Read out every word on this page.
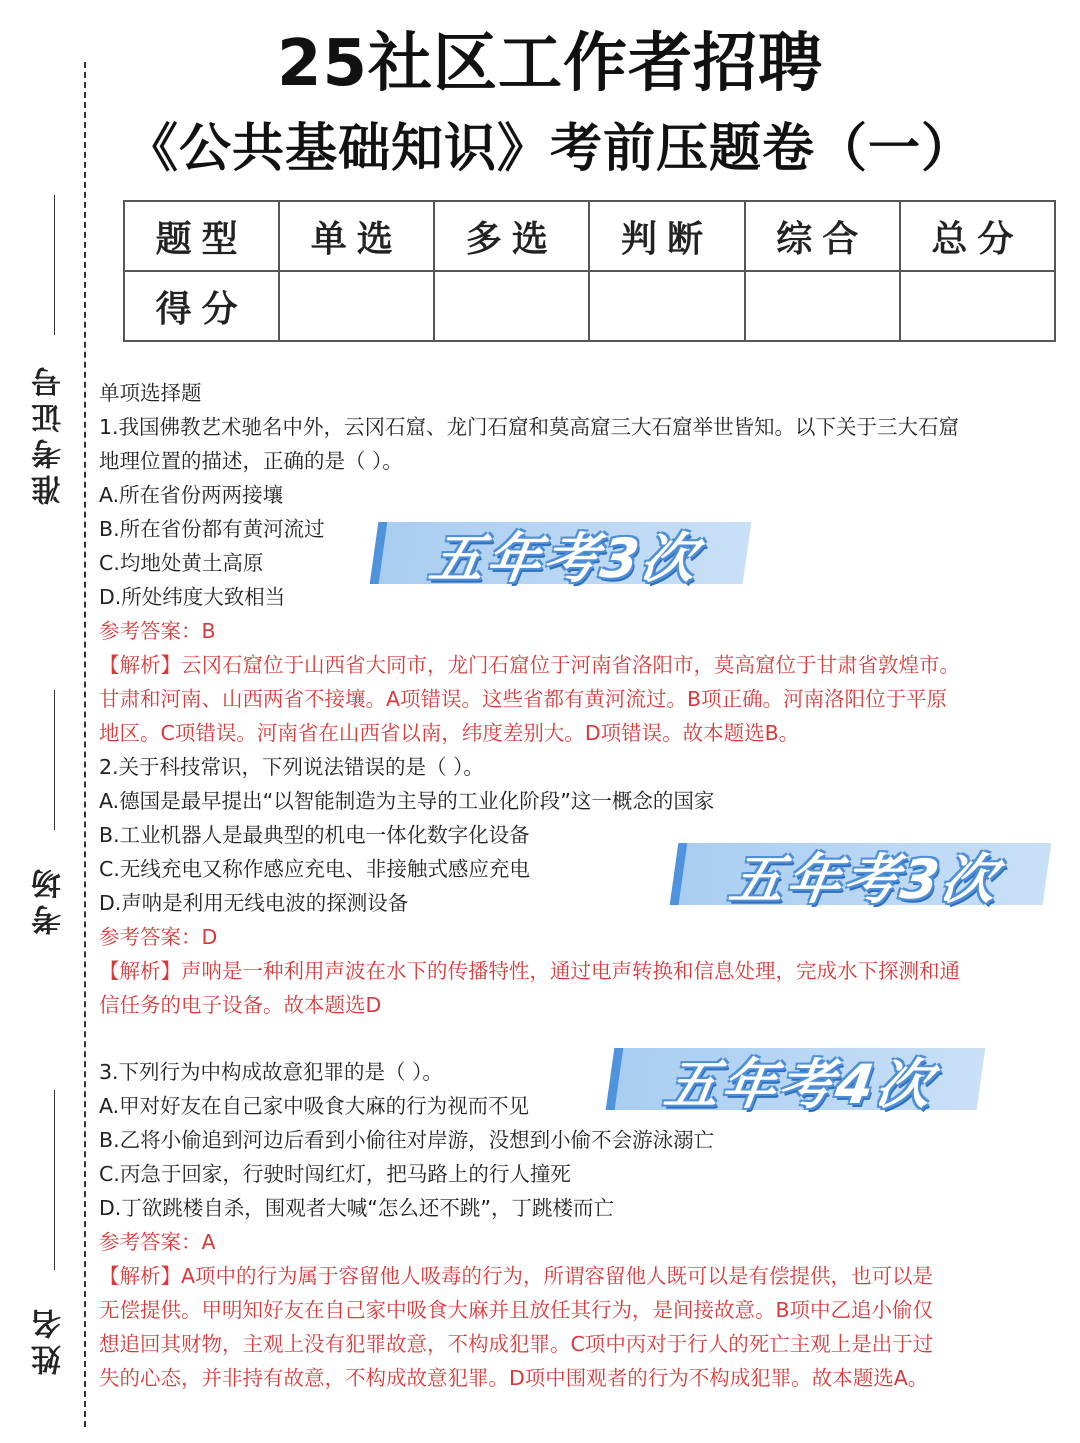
准考证号
考场
姓名
25社区工作者招聘
《公共基础知识》考前压题卷（一）
题型	单选	多选	判断	综合	总分
得分					

单项选择题

1.我国佛教艺术驰名中外，云冈石窟、龙门石窟和莫高窟三大石窟举世皆知。以下关于三大石窟

地理位置的描述，正确的是（ ）。

A.所在省份两两接壤

B.所在省份都有黄河流过

C.均地处黄土高原

D.所处纬度大致相当

参考答案：B

【解析】云冈石窟位于山西省大同市，龙门石窟位于河南省洛阳市，莫高窟位于甘肃省敦煌市。

甘肃和河南、山西两省不接壤。A项错误。这些省都有黄河流过。B项正确。河南洛阳位于平原

地区。C项错误。河南省在山西省以南，纬度差别大。D项错误。故本题选B。

2.关于科技常识，下列说法错误的是（ ）。

A.德国是最早提出“以智能制造为主导的工业化阶段”这一概念的国家

B.工业机器人是最典型的机电一体化数字化设备

C.无线充电又称作感应充电、非接触式感应充电

D.声呐是利用无线电波的探测设备

参考答案：D

【解析】声呐是一种利用声波在水下的传播特性，通过电声转换和信息处理，完成水下探测和通

信任务的电子设备。故本题选D

3.下列行为中构成故意犯罪的是（ ）。

A.甲对好友在自己家中吸食大麻的行为视而不见

B.乙将小偷追到河边后看到小偷往对岸游，没想到小偷不会游泳溺亡

C.丙急于回家，行驶时闯红灯，把马路上的行人撞死

D.丁欲跳楼自杀，围观者大喊“怎么还不跳”，丁跳楼而亡

参考答案：A

【解析】A项中的行为属于容留他人吸毒的行为，所谓容留他人既可以是有偿提供，也可以是

无偿提供。甲明知好友在自己家中吸食大麻并且放任其行为，是间接故意。B项中乙追小偷仅

想追回其财物，主观上没有犯罪故意，不构成犯罪。C项中丙对于行人的死亡主观上是出于过

失的心态，并非持有故意，不构成故意犯罪。D项中围观者的行为不构成犯罪。故本题选A。

五年考3次
五年考3次
五年考4次
